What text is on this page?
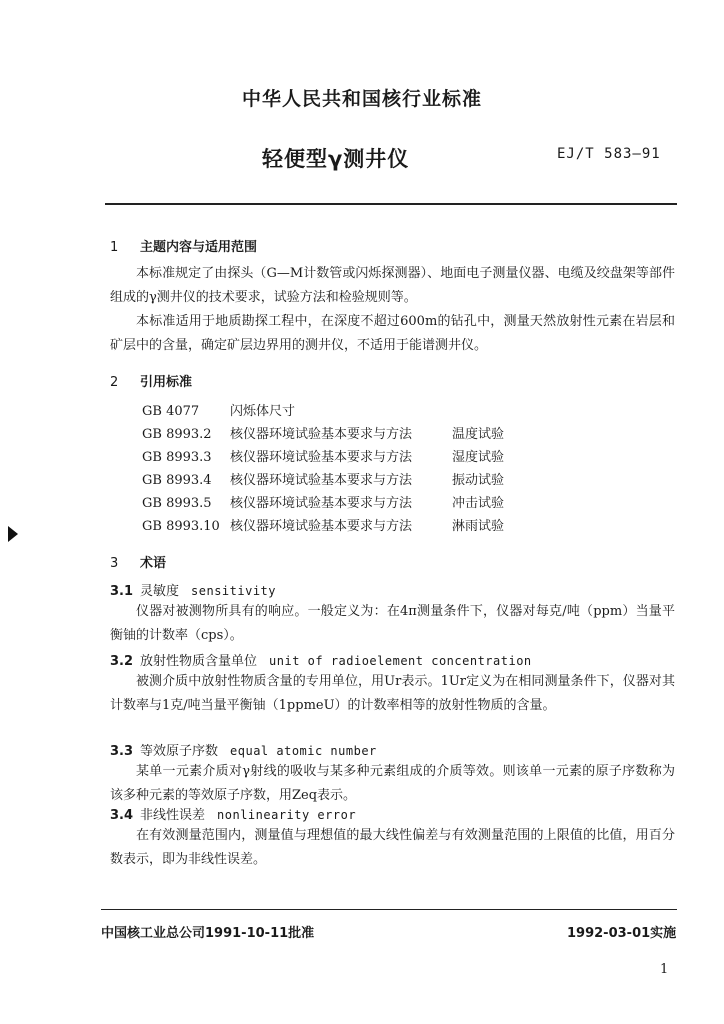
中华人民共和国核行业标准
轻便型γ测井仪	EJ/T 583—91
1 主题内容与适用范围
本标准规定了由探头（G—M计数管或闪烁探测器）、地面电子测量仪器、电缆及绞盘架等部件组成的γ测井仪的技术要求，试验方法和检验规则等。
本标准适用于地质勘探工程中，在深度不超过600m的钻孔中，测量天然放射性元素在岩层和矿层中的含量，确定矿层边界用的测井仪，不适用于能谱测井仪。
2 引用标准
GB 4077 闪烁体尺寸
GB 8993.2 核仪器环境试验基本要求与方法	温度试验
GB 8993.3 核仪器环境试验基本要求与方法	湿度试验
GB 8993.4 核仪器环境试验基本要求与方法	振动试验
GB 8993.5 核仪器环境试验基本要求与方法	冲击试验
GB 8993.10 核仪器环境试验基本要求与方法	淋雨试验
3 术语
3.1 灵敏度 sensitivity
仪器对被测物所具有的响应。一般定义为：在4π测量条件下，仪器对每克/吨（ppm）当量平衡铀的计数率（cps）。
3.2 放射性物质含量单位 unit of radioelement concentration
被测介质中放射性物质含量的专用单位，用Ur表示。1Ur定义为在相同测量条件下，仪器对其计数率与1克/吨当量平衡铀（1ppmeU）的计数率相等的放射性物质的含量。
3.3 等效原子序数 equal atomic number
某单一元素介质对γ射线的吸收与某多种元素组成的介质等效。则该单一元素的原子序数称为该多种元素的等效原子序数，用Zeq表示。
3.4 非线性误差 nonlinearity error
在有效测量范围内，测量值与理想值的最大线性偏差与有效测量范围的上限值的比值，用百分数表示，即为非线性误差。
中国核工业总公司1991-10-11批准	1992-03-01实施
1
